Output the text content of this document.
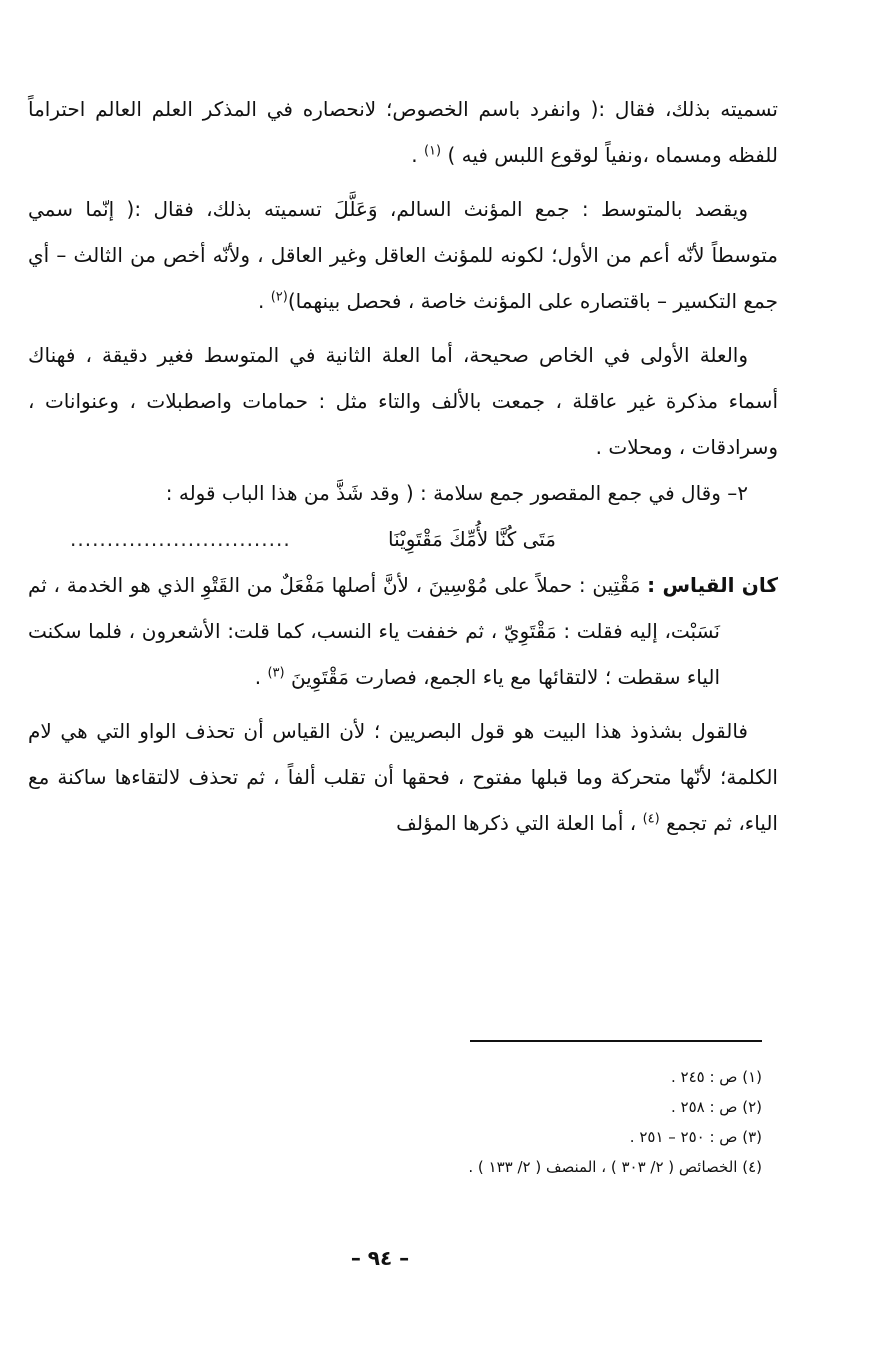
تسميته بذلك، فقال :( وانفرد باسم الخصوص؛ لانحصاره في المذكر العلم العالم احتراماً للفظه ومسماه ،ونفياً لوقوع اللبس فيه ) $^{(١)}$ .

ويقصد بالمتوسط : جمع المؤنث السالم، وَعَلَّلَ تسميته بذلك، فقال :( إنّما سمي متوسطاً لأنّه أعم من الأول؛ لكونه للمؤنث العاقل وغير العاقل ، ولأنّه أخص من الثالث – أي جمع التكسير – باقتصاره على المؤنث خاصة ، فحصل بينهما)$^{(٢)}$ .

والعلة الأولى في الخاص صحيحة، أما العلة الثانية في المتوسط فغير دقيقة ، فهناك أسماء مذكرة غير عاقلة ، جمعت بالألف والتاء مثل : حمامات واصطبلات ، وعنوانات ، وسرادقات ، ومحلات .

٢– وقال في جمع المقصور جمع سلامة : ( وقد شَذَّ من هذا الباب قوله :

مَتَى كُنَّا لأُمِّكَ مَقْتَوِيْنَا
..............................

كان القياس : مَقْتِين : حملاً على مُوْسِينَ ، لأنَّ أصلها مَفْعَلٌ من القَتْوِ الذي هو الخدمة ، ثم نَسَبْت، إليه فقلت : مَقْتَوِيّ ، ثم خففت ياء النسب، كما قلت: الأشعرون ، فلما سكنت الياء سقطت ؛ لالتقائها مع ياء الجمع، فصارت مَقْتَوِينَ $^{(٣)}$ .

فالقول بشذوذ هذا البيت هو قول البصريين ؛ لأن القياس أن تحذف الواو التي هي لام الكلمة؛ لأنّها متحركة وما قبلها مفتوح ، فحقها أن تقلب ألفاً ، ثم تحذف لالتقاءها ساكنة مع الياء، ثم تجمع $^{(٤)}$ ، أما العلة التي ذكرها المؤلف

(١) ص : ٢٤٥ .

(٢) ص : ٢٥٨ .

(٣) ص : ٢٥٠ – ٢٥١ .

(٤) الخصائص ( ٢/ ٣٠٣ ) ، المنصف ( ٢/ ١٣٣ ) .

– ٩٤ –
